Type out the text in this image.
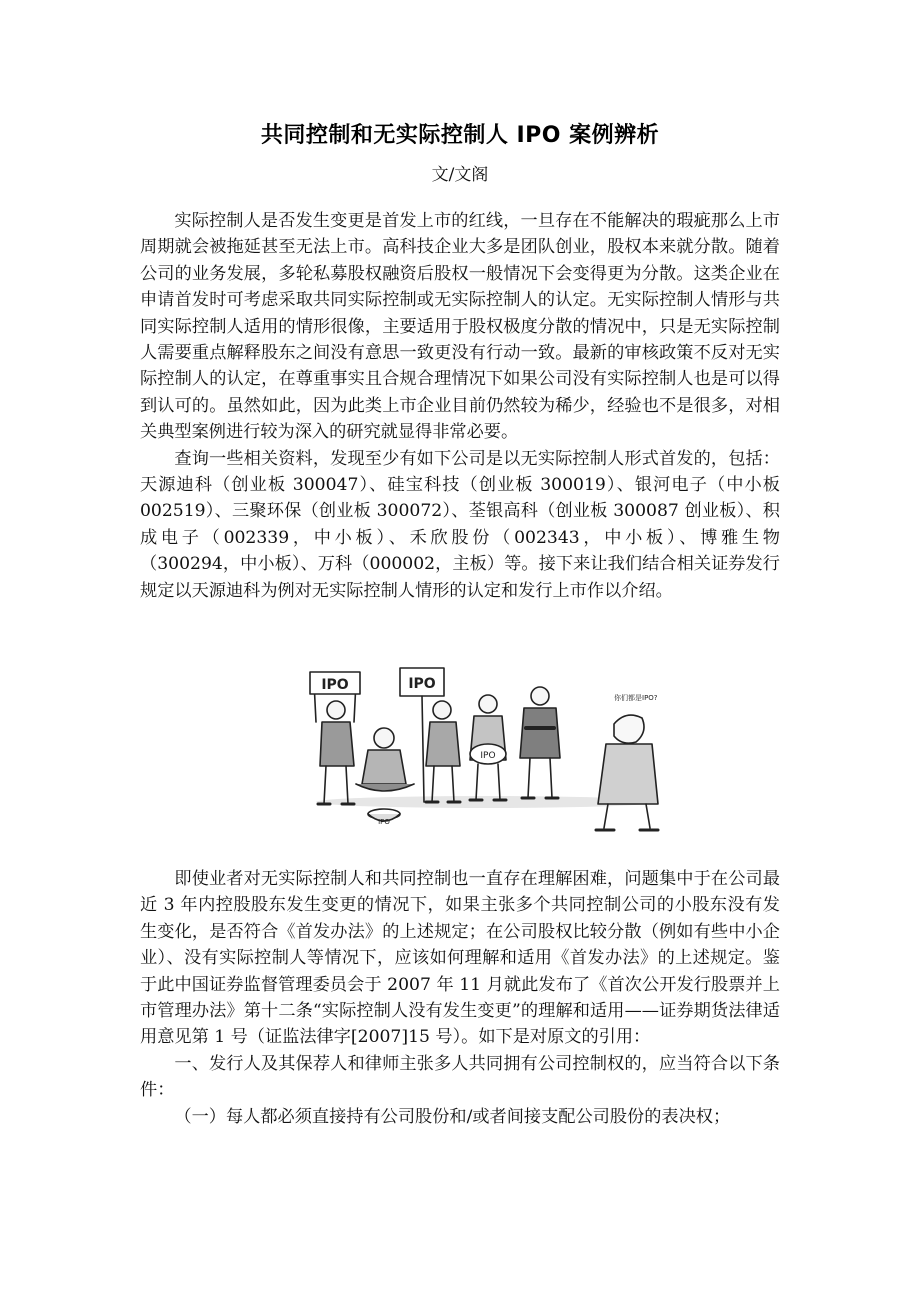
共同控制和无实际控制人 IPO 案例辨析
文/文阁

实际控制人是否发生变更是首发上市的红线，一旦存在不能解决的瑕疵那么上市周期就会被拖延甚至无法上市。高科技企业大多是团队创业，股权本来就分散。随着公司的业务发展，多轮私募股权融资后股权一般情况下会变得更为分散。这类企业在申请首发时可考虑采取共同实际控制或无实际控制人的认定。无实际控制人情形与共同实际控制人适用的情形很像，主要适用于股权极度分散的情况中，只是无实际控制人需要重点解释股东之间没有意思一致更没有行动一致。最新的审核政策不反对无实际控制人的认定，在尊重事实且合规合理情况下如果公司没有实际控制人也是可以得到认可的。虽然如此，因为此类上市企业目前仍然较为稀少，经验也不是很多，对相关典型案例进行较为深入的研究就显得非常必要。

查询一些相关资料，发现至少有如下公司是以无实际控制人形式首发的，包括：天源迪科（创业板 300047）、硅宝科技（创业板 300019）、银河电子（中小板 002519）、三聚环保（创业板 300072）、荃银高科（创业板 300087 创业板）、积成电子（002339，中小板）、禾欣股份（002343，中小板）、博雅生物（300294，中小板）、万科（000002，主板）等。接下来让我们结合相关证券发行规定以天源迪科为例对无实际控制人情形的认定和发行上市作以介绍。

IPO
IPO
IPO
IPO
你们都是IPO?

即使业者对无实际控制人和共同控制也一直存在理解困难，问题集中于在公司最近 3 年内控股股东发生变更的情况下，如果主张多个共同控制公司的小股东没有发生变化，是否符合《首发办法》的上述规定；在公司股权比较分散（例如有些中小企业）、没有实际控制人等情况下，应该如何理解和适用《首发办法》的上述规定。鉴于此中国证券监督管理委员会于 2007 年 11 月就此发布了《首次公开发行股票并上市管理办法》第十二条“实际控制人没有发生变更”的理解和适用——证券期货法律适用意见第 1 号（证监法律字[2007]15 号）。如下是对原文的引用：

一、发行人及其保荐人和律师主张多人共同拥有公司控制权的，应当符合以下条件：

（一）每人都必须直接持有公司股份和/或者间接支配公司股份的表决权；
